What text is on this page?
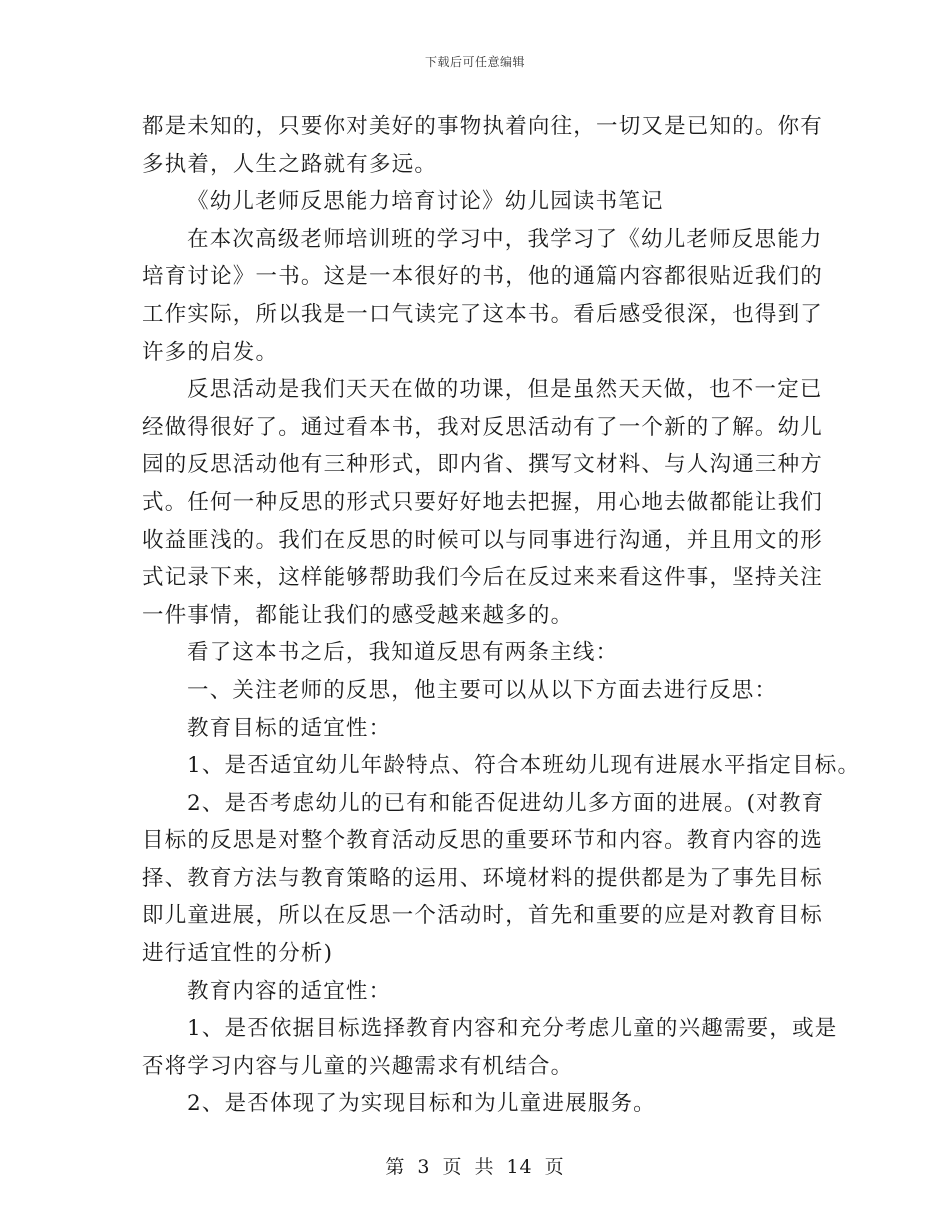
下载后可任意编辑
都是未知的，只要你对美好的事物执着向往，一切又是已知的。你有
多执着，人生之路就有多远。
《幼儿老师反思能力培育讨论》幼儿园读书笔记
在本次高级老师培训班的学习中，我学习了《幼儿老师反思能力
培育讨论》一书。这是一本很好的书，他的通篇内容都很贴近我们的
工作实际，所以我是一口气读完了这本书。看后感受很深，也得到了
许多的启发。
反思活动是我们天天在做的功课，但是虽然天天做，也不一定已
经做得很好了。通过看本书，我对反思活动有了一个新的了解。幼儿
园的反思活动他有三种形式，即内省、撰写文材料、与人沟通三种方
式。任何一种反思的形式只要好好地去把握，用心地去做都能让我们
收益匪浅的。我们在反思的时候可以与同事进行沟通，并且用文的形
式记录下来，这样能够帮助我们今后在反过来来看这件事，坚持关注
一件事情，都能让我们的感受越来越多的。
看了这本书之后，我知道反思有两条主线：
一、关注老师的反思，他主要可以从以下方面去进行反思：
教育目标的适宜性：
1、是否适宜幼儿年龄特点、符合本班幼儿现有进展水平指定目标。
2、是否考虑幼儿的已有和能否促进幼儿多方面的进展。(对教育
目标的反思是对整个教育活动反思的重要环节和内容。教育内容的选
择、教育方法与教育策略的运用、环境材料的提供都是为了事先目标
即儿童进展，所以在反思一个活动时，首先和重要的应是对教育目标
进行适宜性的分析)
教育内容的适宜性：
1、是否依据目标选择教育内容和充分考虑儿童的兴趣需要，或是
否将学习内容与儿童的兴趣需求有机结合。
2、是否体现了为实现目标和为儿童进展服务。
第 3 页 共 14 页
